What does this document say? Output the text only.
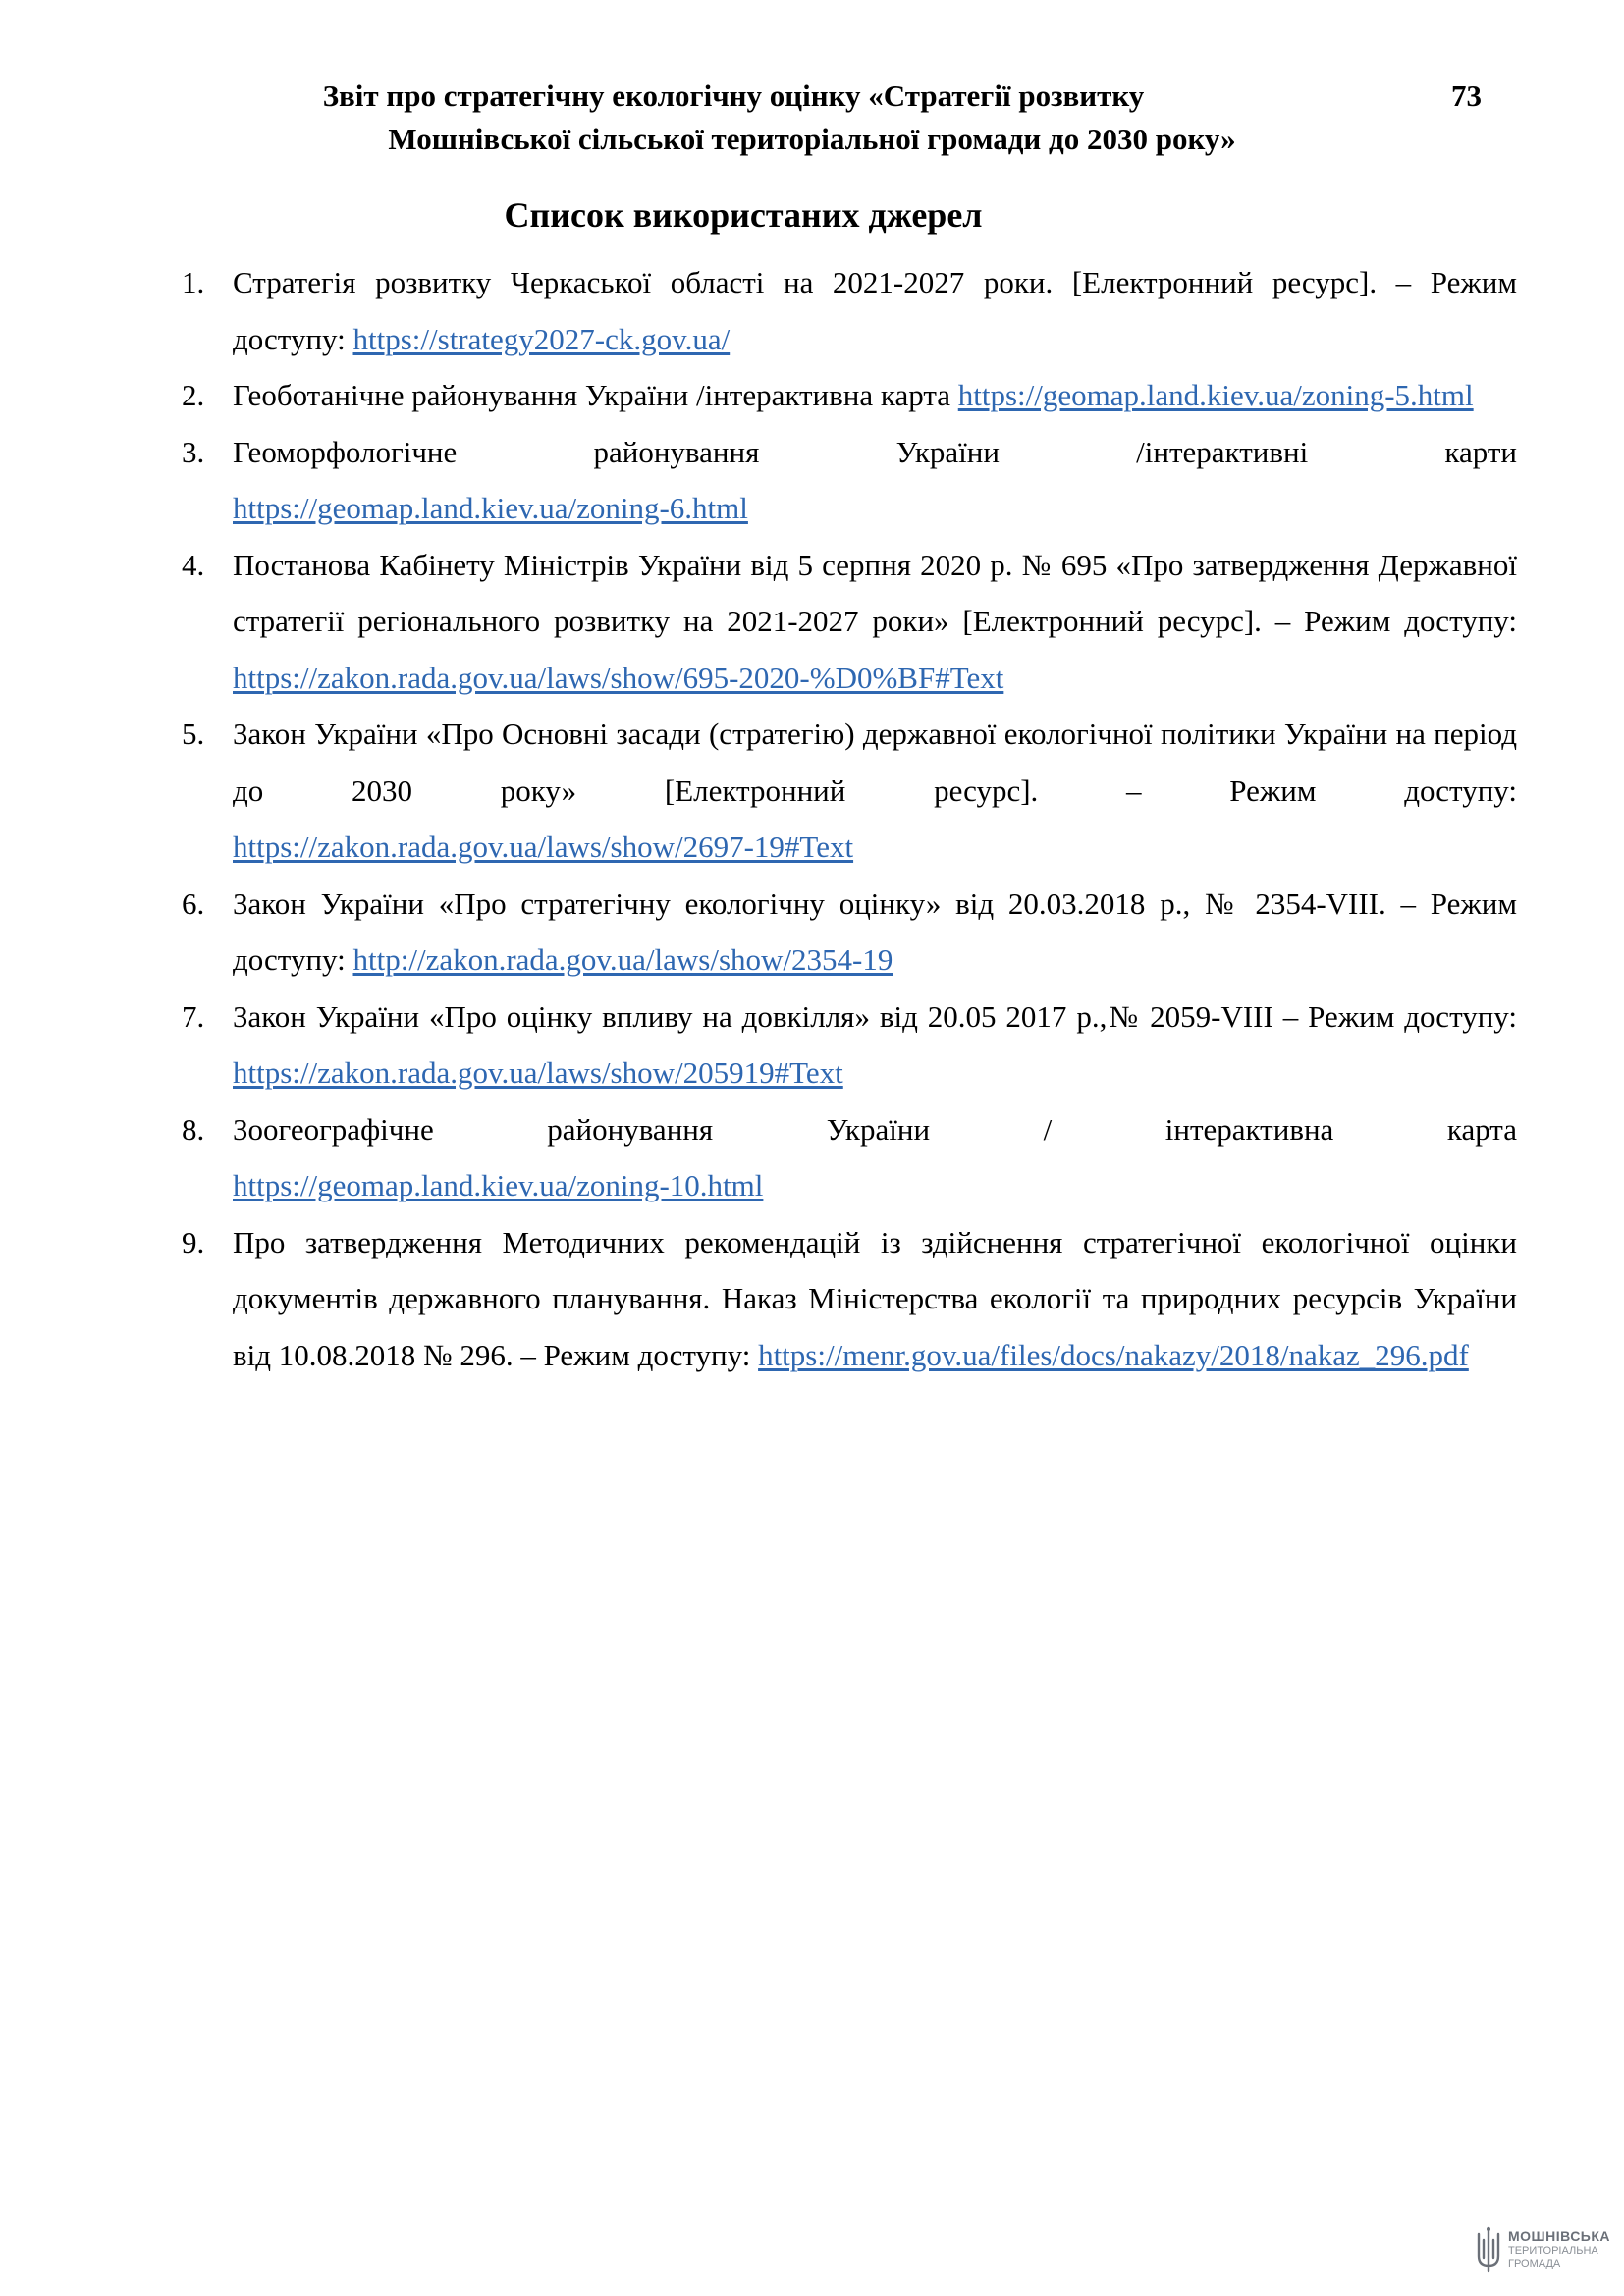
Звіт про стратегічну екологічну оцінку «Стратегії розвитку
Мошнівської сільської територіальної громади до 2030 року»
73
Список використаних джерел
1. Стратегія розвитку Черкаської області на 2021-2027 роки. [Електронний ресурс]. – Режим доступу: https://strategy2027-ck.gov.ua/
2. Геоботанічне районування України /інтерактивна карта https://geomap.land.kiev.ua/zoning-5.html
3. Геоморфологічне районування України /інтерактивні карти https://geomap.land.kiev.ua/zoning-6.html
4. Постанова Кабінету Міністрів України від 5 серпня 2020 р. № 695 «Про затвердження Державної стратегії регіонального розвитку на 2021-2027 роки» [Електронний ресурс]. – Режим доступу: https://zakon.rada.gov.ua/laws/show/695-2020-%D0%BF#Text
5. Закон України «Про Основні засади (стратегію) державної екологічної політики України на період до 2030 року» [Електронний ресурс]. – Режим доступу: https://zakon.rada.gov.ua/laws/show/2697-19#Text
6. Закон України «Про стратегічну екологічну оцінку» від 20.03.2018 р., № 2354-VIII. – Режим доступу: http://zakon.rada.gov.ua/laws/show/2354-19
7. Закон України «Про оцінку впливу на довкілля» від 20.05 2017 р.,№ 2059-VIII – Режим доступу: https://zakon.rada.gov.ua/laws/show/205919#Text
8. Зоогеографічне районування України / інтерактивна карта https://geomap.land.kiev.ua/zoning-10.html
9. Про затвердження Методичних рекомендацій із здійснення стратегічної екологічної оцінки документів державного планування. Наказ Міністерства екології та природних ресурсів України від 10.08.2018 № 296. – Режим доступу: https://menr.gov.ua/files/docs/nakazy/2018/nakaz_296.pdf
МОШНІВСЬКА
ТЕРИТОРІАЛЬНА
ГРОМАДА
